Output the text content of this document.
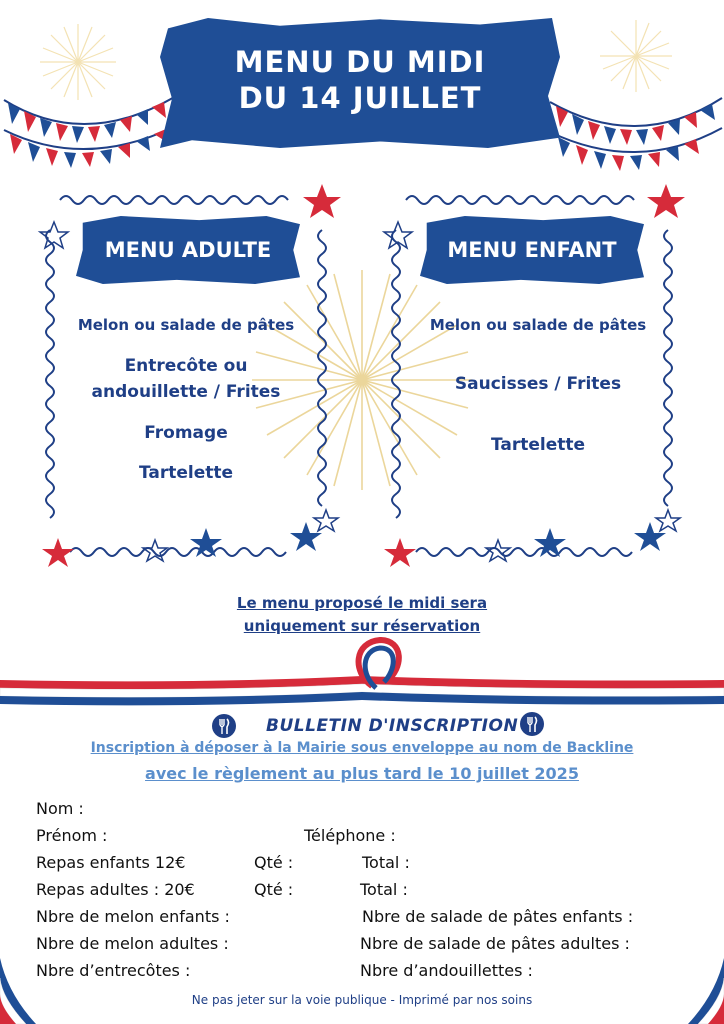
MENU DU MIDI
DU 14 JUILLET
MENU ADULTE
Melon ou salade de pâtes
Entrecôte ou andouillette / Frites
Fromage
Tartelette
MENU ENFANT
Melon ou salade de pâtes
Saucisses / Frites
Tartelette
Le menu proposé le midi sera
uniquement sur réservation
BULLETIN D'INSCRIPTION
Inscription à déposer à la Mairie sous enveloppe au nom de Backline
avec le règlement au plus tard le 10 juillet 2025
Nom :
Prénom :	Téléphone :
Repas enfants 12€	Qté :	Total :
Repas adultes : 20€	Qté :	Total :
Nbre de melon enfants :	Nbre de salade de pâtes enfants :
Nbre de melon adultes :	Nbre de salade de pâtes adultes :
Nbre d’entrecôtes :	Nbre d’andouillettes :
Ne pas jeter sur la voie publique - Imprimé par nos soins
